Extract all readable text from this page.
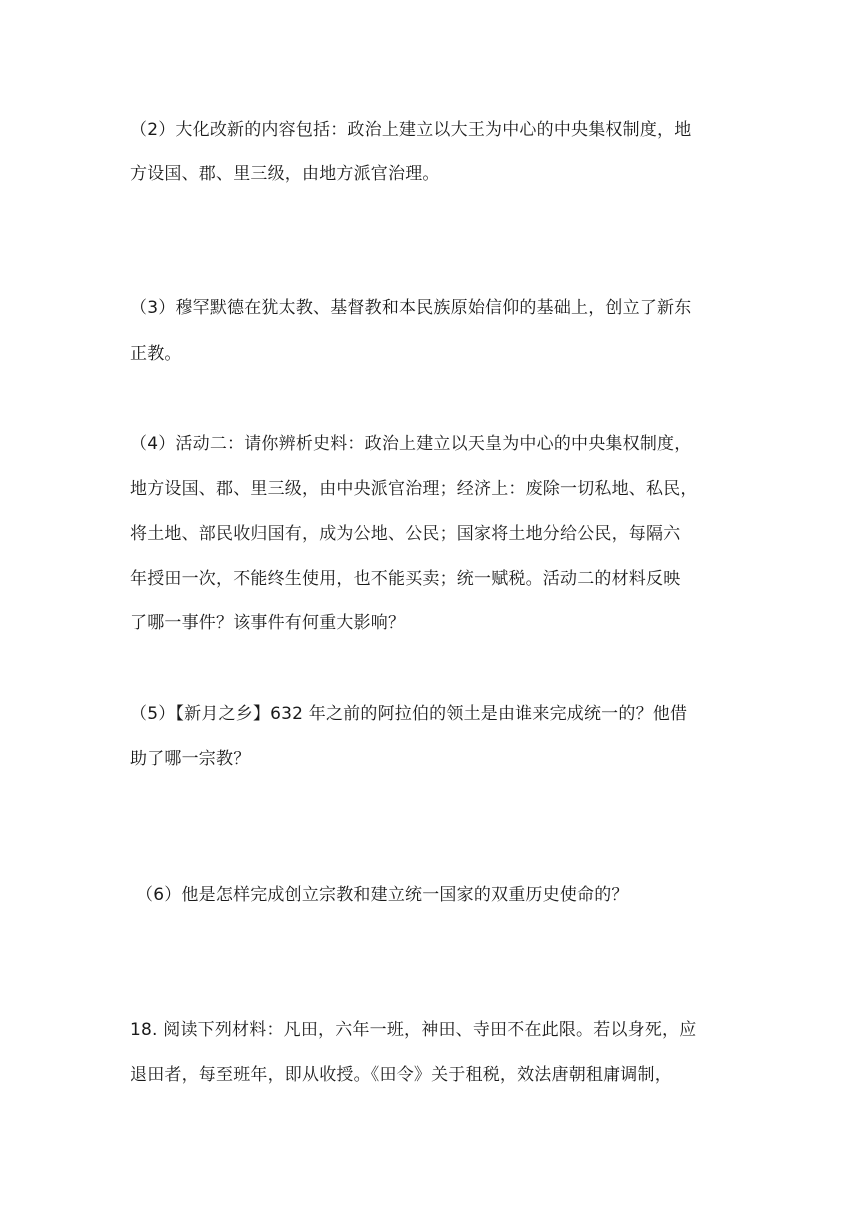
（2）大化改新的内容包括：政治上建立以大王为中心的中央集权制度，地
方设国、郡、里三级，由地方派官治理。
（3）穆罕默德在犹太教、基督教和本民族原始信仰的基础上，创立了新东
正教。
（4）活动二：请你辨析史料：政治上建立以天皇为中心的中央集权制度，
地方设国、郡、里三级，由中央派官治理；经济上：废除一切私地、私民，
将土地、部民收归国有，成为公地、公民；国家将土地分给公民，每隔六
年授田一次，不能终生使用，也不能买卖；统一赋税。活动二的材料反映
了哪一事件？该事件有何重大影响？
（5）【新月之乡】632 年之前的阿拉伯的领土是由谁来完成统一的？他借
助了哪一宗教？
（6）他是怎样完成创立宗教和建立统一国家的双重历史使命的？
18. 阅读下列材料：凡田，六年一班，神田、寺田不在此限。若以身死，应
退田者，每至班年，即从收授。《田令》关于租税，效法唐朝租庸调制，
